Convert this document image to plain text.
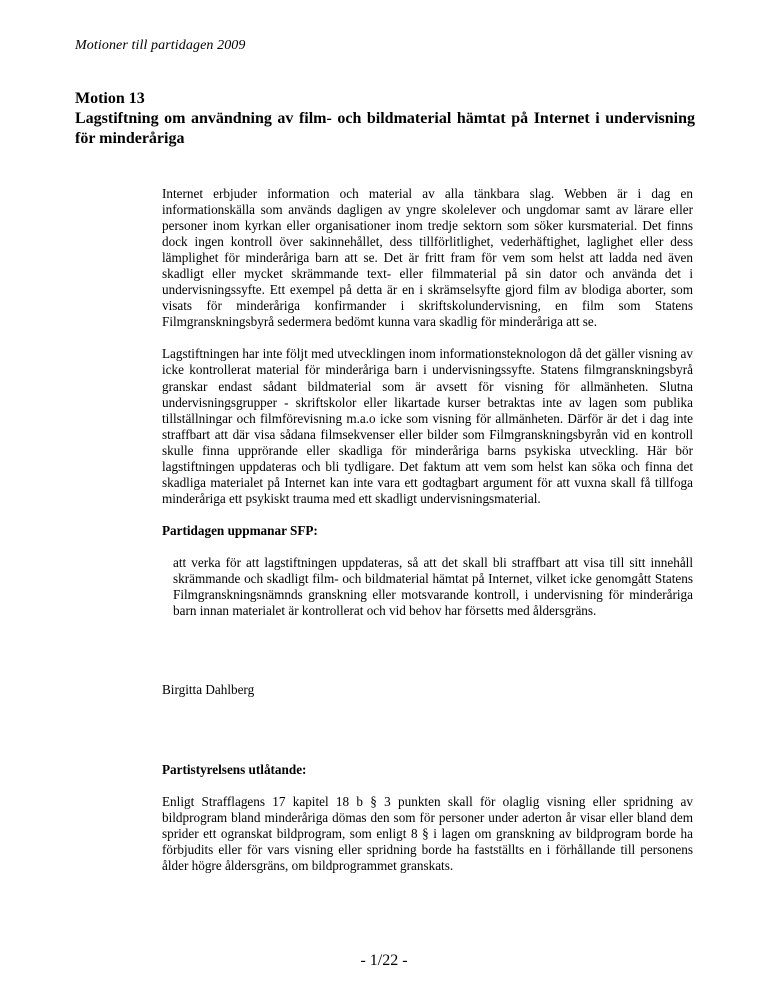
Motioner till partidagen 2009
Motion 13
Lagstiftning om användning av film- och bildmaterial hämtat på Internet i undervisning för minderåriga

Internet erbjuder information och material av alla tänkbara slag. Webben är i dag en informationskälla som används dagligen av yngre skolelever och ungdomar samt av lärare eller personer inom kyrkan eller organisationer inom tredje sektorn som söker kursmaterial. Det finns dock ingen kontroll över sakinnehållet, dess tillförlitlighet, vederhäftighet, laglighet eller dess lämplighet för minderåriga barn att se. Det är fritt fram för vem som helst att ladda ned även skadligt eller mycket skrämmande text- eller filmmaterial på sin dator och använda det i undervisningssyfte. Ett exempel på detta är en i skrämselsyfte gjord film av blodiga aborter, som visats för minderåriga konfirmander i skriftskolundervisning, en film som Statens Filmgranskningsbyrå sedermera bedömt kunna vara skadlig för minderåriga att se.

Lagstiftningen har inte följt med utvecklingen inom informationsteknologon då det gäller visning av icke kontrollerat material för minderåriga barn i undervisningssyfte. Statens filmgranskningsbyrå granskar endast sådant bildmaterial som är avsett för visning för allmänheten. Slutna undervisningsgrupper - skriftskolor eller likartade kurser betraktas inte av lagen som publika tillställningar och filmförevisning m.a.o icke som visning för allmänheten. Därför är det i dag inte straffbart att där visa sådana filmsekvenser eller bilder som Filmgranskningsbyrån vid en kontroll skulle finna upprörande eller skadliga för minderåriga barns psykiska utveckling. Här bör lagstiftningen uppdateras och bli tydligare. Det faktum att vem som helst kan söka och finna det skadliga materialet på Internet kan inte vara ett godtagbart argument för att vuxna skall få tillfoga minderåriga ett psykiskt trauma med ett skadligt undervisningsmaterial.

Partidagen uppmanar SFP:

att verka för att lagstiftningen uppdateras, så att det skall bli straffbart att visa till sitt innehåll skrämmande och skadligt film- och bildmaterial hämtat på Internet, vilket icke genomgått Statens Filmgranskningsnämnds granskning eller motsvarande kontroll, i undervisning för minderåriga barn innan materialet är kontrollerat och vid behov har försetts med åldersgräns.

Birgitta Dahlberg

Partistyrelsens utlåtande:

Enligt Strafflagens 17 kapitel 18 b § 3 punkten skall för olaglig visning eller spridning av bildprogram bland minderåriga dömas den som för personer under aderton år visar eller bland dem sprider ett ogranskat bildprogram, som enligt 8 § i lagen om granskning av bildprogram borde ha förbjudits eller för vars visning eller spridning borde ha fastställts en i förhållande till personens ålder högre åldersgräns, om bildprogrammet granskats.

- 1/22 -
